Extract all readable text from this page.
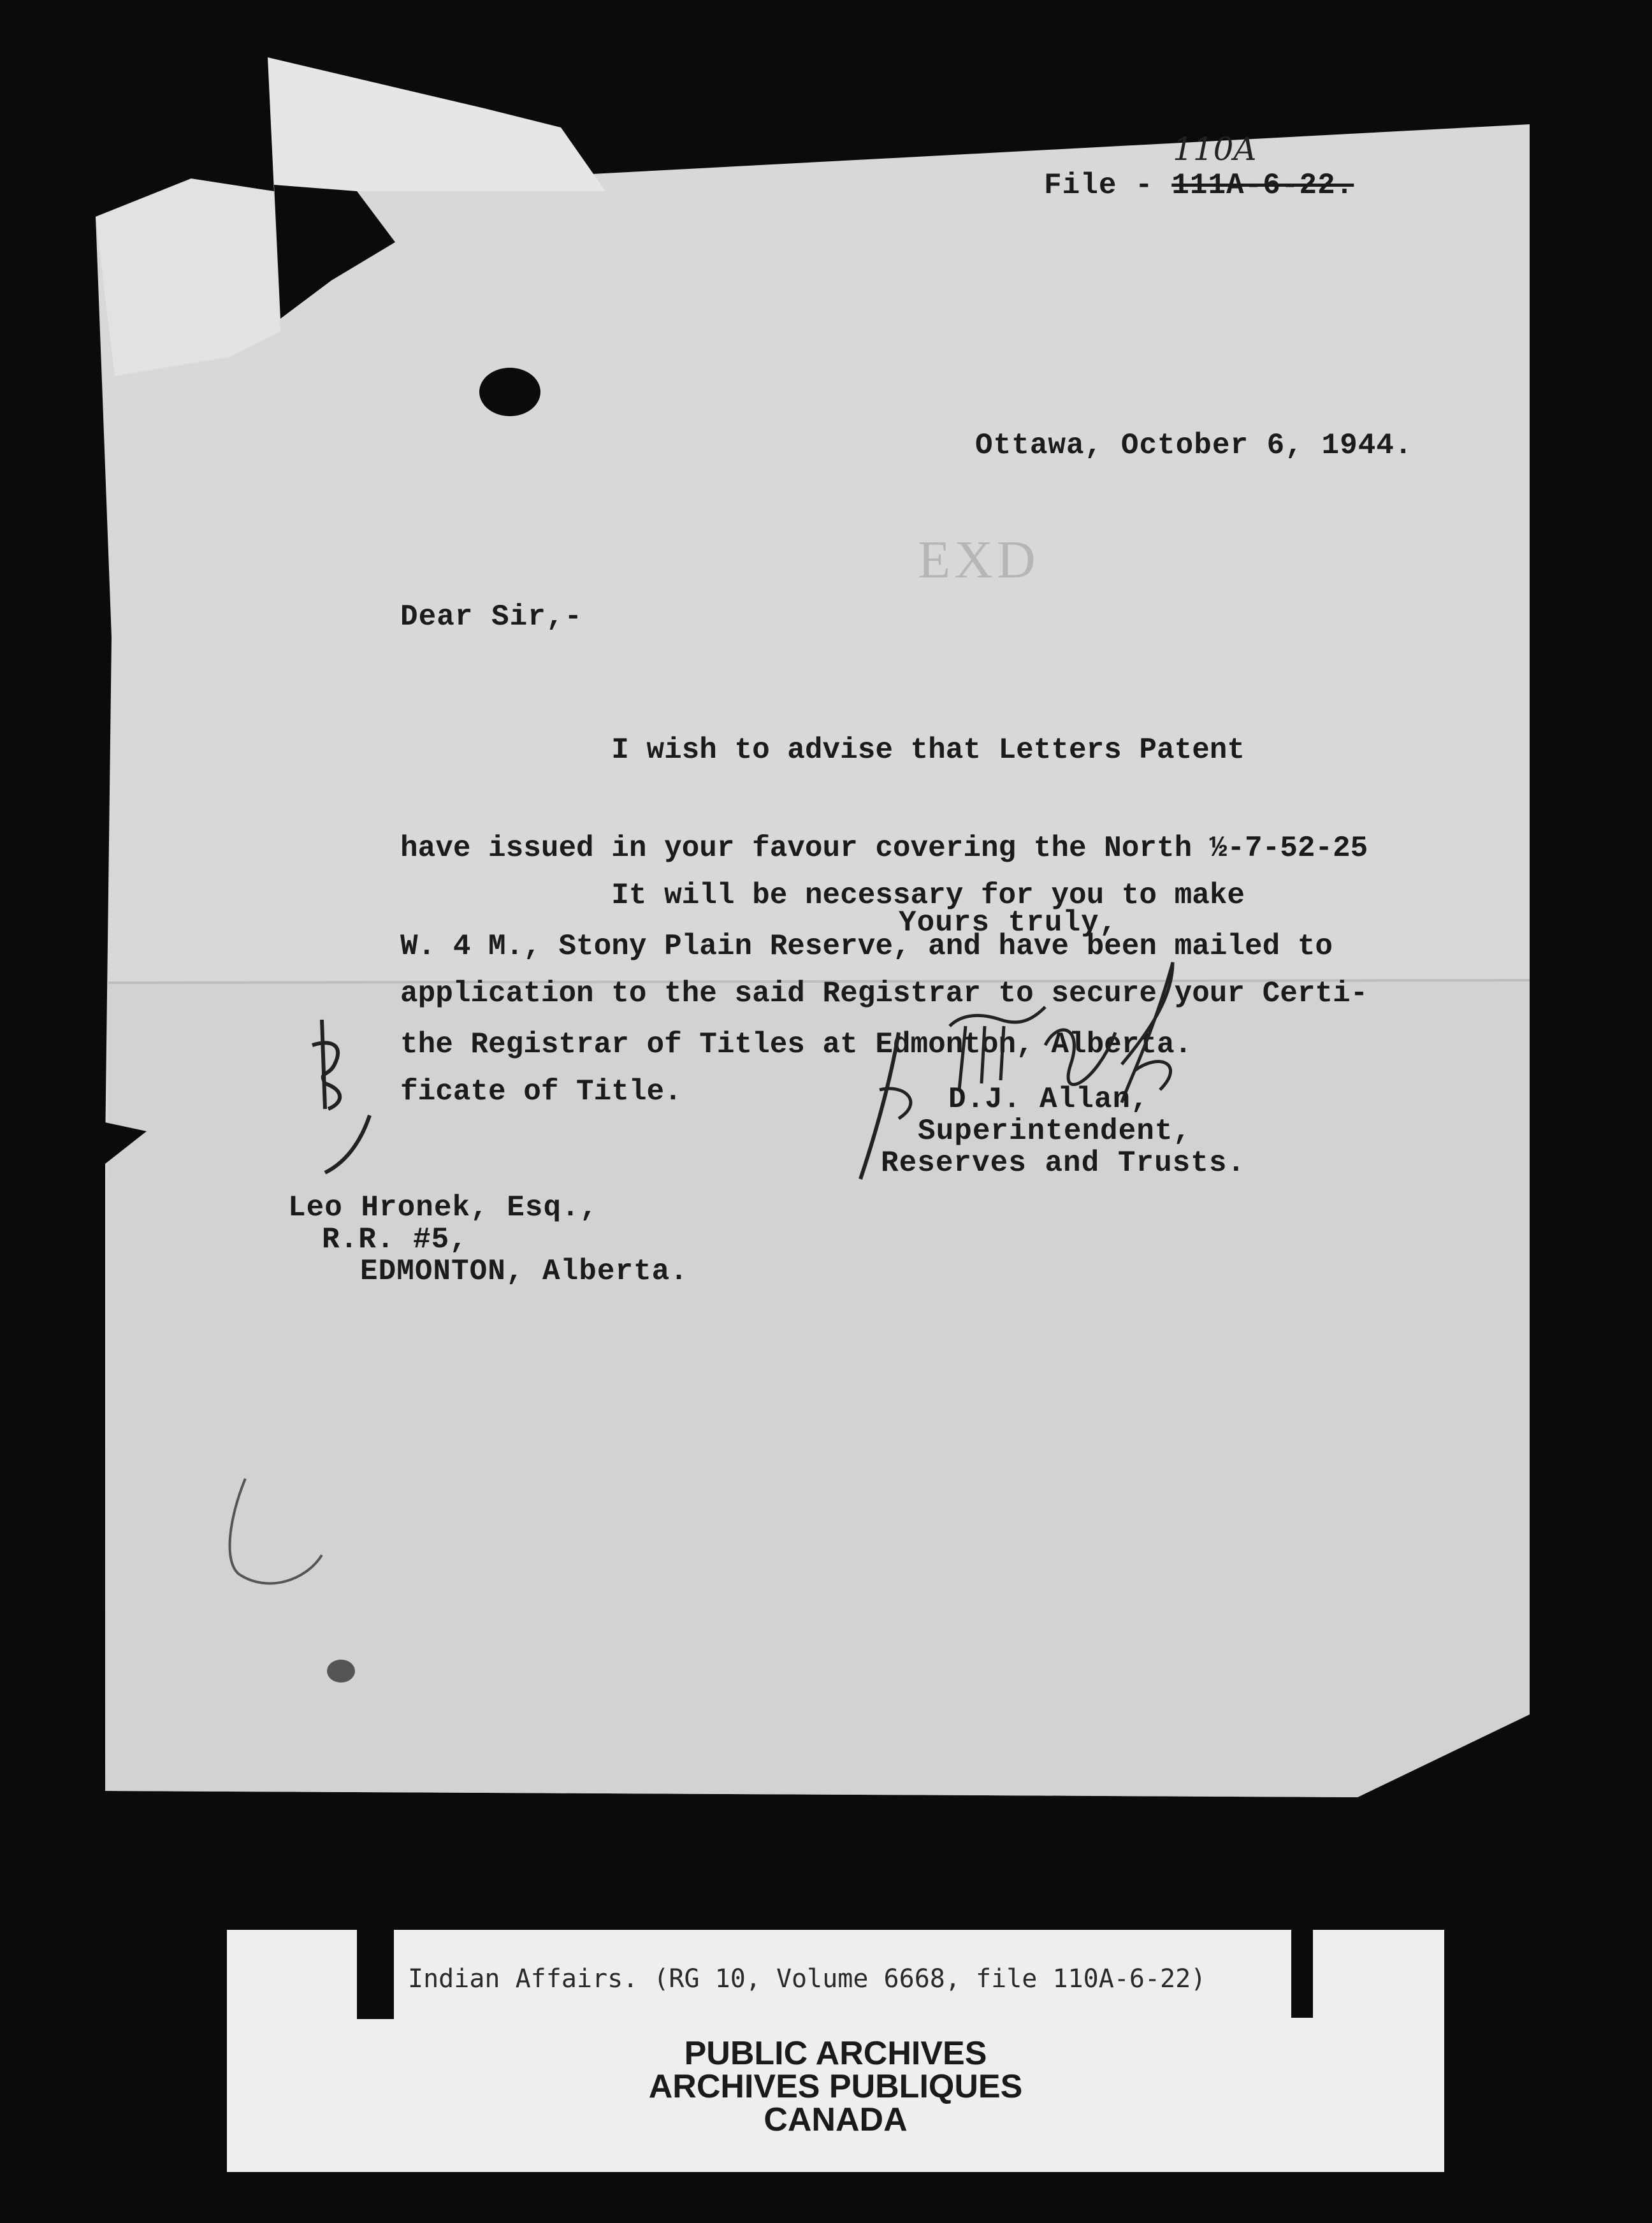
File - 111A-6-22.
110A
Ottawa, October 6, 1944.
EXD
Dear Sir,-

I wish to advise that Letters Patent

have issued in your favour covering the North ½-7-52-25

W. 4 M., Stony Plain Reserve, and have been mailed to

the Registrar of Titles at Edmonton, Alberta.

It will be necessary for you to make

application to the said Registrar to secure your Certi-

ficate of Title.

Yours truly,
D.J. Allan,
Superintendent,
Reserves and Trusts.
Leo Hronek, Esq.,
R.R. #5,
EDMONTON, Alberta.
Indian Affairs. (RG 10, Volume 6668, file 110A-6-22)
PUBLIC ARCHIVES
ARCHIVES PUBLIQUES
CANADA
